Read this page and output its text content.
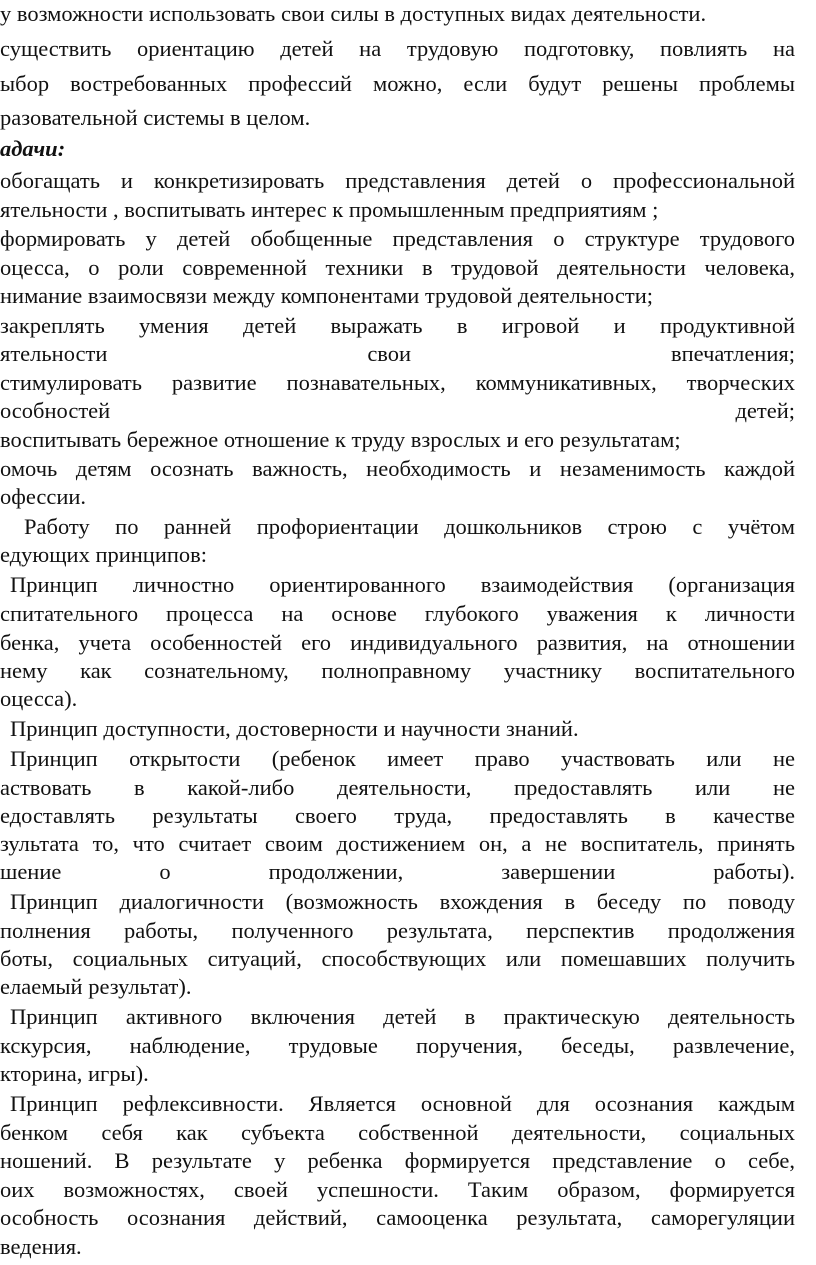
у возможности использовать свои силы в доступных видах деятельности.
существить ориентацию детей на трудовую подготовку, повлиять на
ыбор востребованных профессий можно, если будут решены проблемы
разовательной системы в целом.
адачи:
обогащать и конкретизировать представления детей о профессиональной
ятельности , воспитывать интерес к промышленным предприятиям ;
формировать у детей обобщенные представления о структуре трудового
оцесса, о роли современной техники в трудовой деятельности человека,
нимание взаимосвязи между компонентами трудовой деятельности;
закреплять умения детей выражать в игровой и продуктивной
ятельности свои впечатления;
стимулировать развитие познавательных, коммуникативных, творческих
особностей детей;
воспитывать бережное отношение к труду взрослых и его результатам;
омочь детям осознать важность, необходимость и незаменимость каждой
офессии.
Работу по ранней профориентации дошкольников строю с учётом
едующих принципов:
Принцип личностно ориентированного взаимодействия (организация
спитательного процесса на основе глубокого уважения к личности
бенка, учета особенностей его индивидуального развития, на отношении
нему как сознательному, полноправному участнику воспитательного
оцесса).
Принцип доступности, достоверности и научности знаний.
Принцип открытости (ребенок имеет право участвовать или не
аствовать в какой-либо деятельности, предоставлять или не
едоставлять результаты своего труда, предоставлять в качестве
зультата то, что считает своим достижением он, а не воспитатель, принять
шение о продолжении, завершении работы).
Принцип диалогичности (возможность вхождения в беседу по поводу
полнения работы, полученного результата, перспектив продолжения
боты, социальных ситуаций, способствующих или помешавших получить
елаемый результат).
Принцип активного включения детей в практическую деятельность
кскурсия, наблюдение, трудовые поручения, беседы, развлечение,
кторина, игры).
Принцип рефлексивности. Является основной для осознания каждым
бенком себя как субъекта собственной деятельности, социальных
ношений. В результате у ребенка формируется представление о себе,
оих возможностях, своей успешности. Таким образом, формируется
особность осознания действий, самооценка результата, саморегуляции
ведения.
